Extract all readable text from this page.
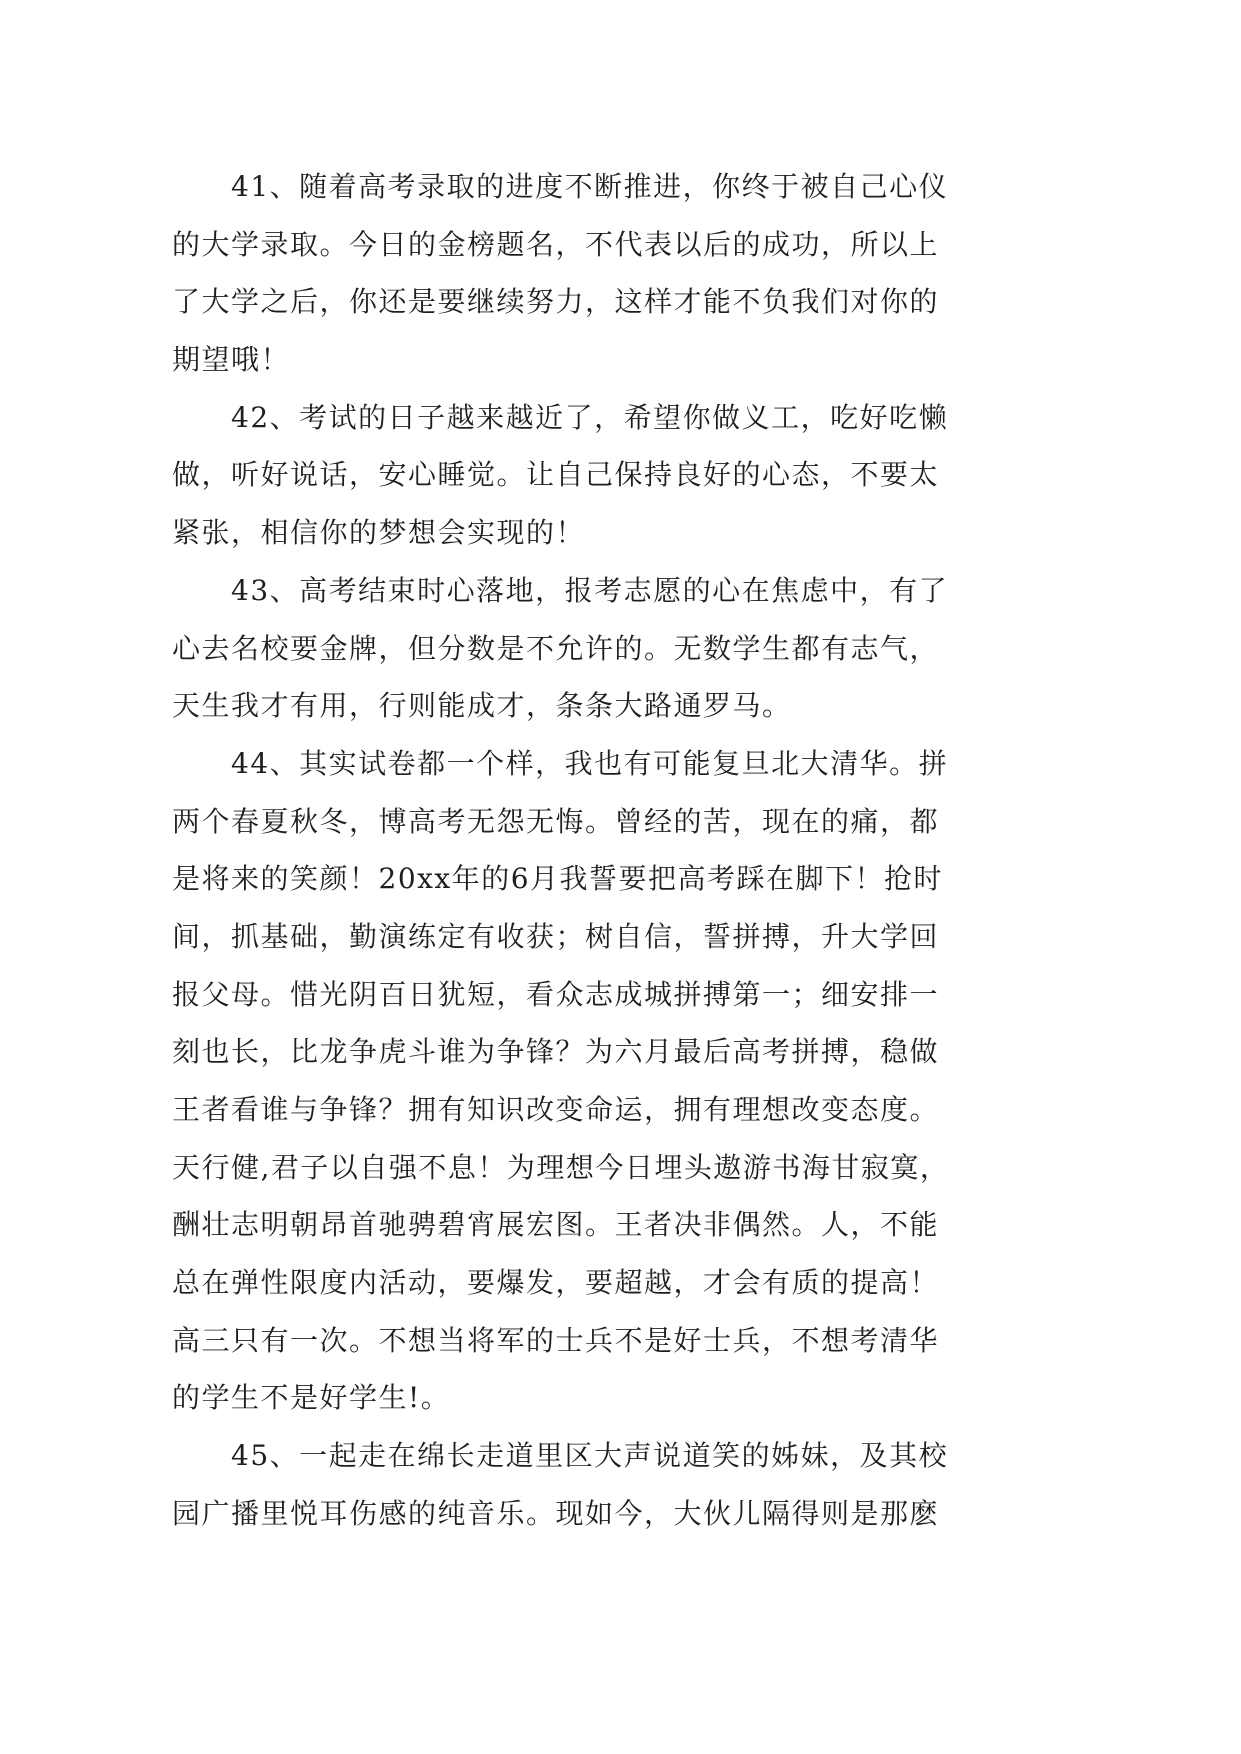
41、随着高考录取的进度不断推进，你终于被自己心仪
的大学录取。今日的金榜题名，不代表以后的成功，所以上
了大学之后，你还是要继续努力，这样才能不负我们对你的
期望哦！
42、考试的日子越来越近了，希望你做义工，吃好吃懒
做，听好说话，安心睡觉。让自己保持良好的心态，不要太
紧张，相信你的梦想会实现的！
43、高考结束时心落地，报考志愿的心在焦虑中，有了
心去名校要金牌，但分数是不允许的。无数学生都有志气，
天生我才有用，行则能成才，条条大路通罗马。
44、其实试卷都一个样，我也有可能复旦北大清华。拼
两个春夏秋冬，博高考无怨无悔。曾经的苦，现在的痛，都
是将来的笑颜！20xx年的6月我誓要把高考踩在脚下！抢时
间，抓基础，勤演练定有收获；树自信，誓拼搏，升大学回
报父母。惜光阴百日犹短，看众志成城拼搏第一；细安排一
刻也长，比龙争虎斗谁为争锋？为六月最后高考拼搏，稳做
王者看谁与争锋？拥有知识改变命运，拥有理想改变态度。
天行健,君子以自强不息！为理想今日埋头遨游书海甘寂寞，
酬壮志明朝昂首驰骋碧宵展宏图。王者决非偶然。人，不能
总在弹性限度内活动，要爆发，要超越，才会有质的提高！
高三只有一次。不想当将军的士兵不是好士兵，不想考清华
的学生不是好学生!。
45、一起走在绵长走道里区大声说道笑的姊妹，及其校
园广播里悦耳伤感的纯音乐。现如今，大伙儿隔得则是那麽
